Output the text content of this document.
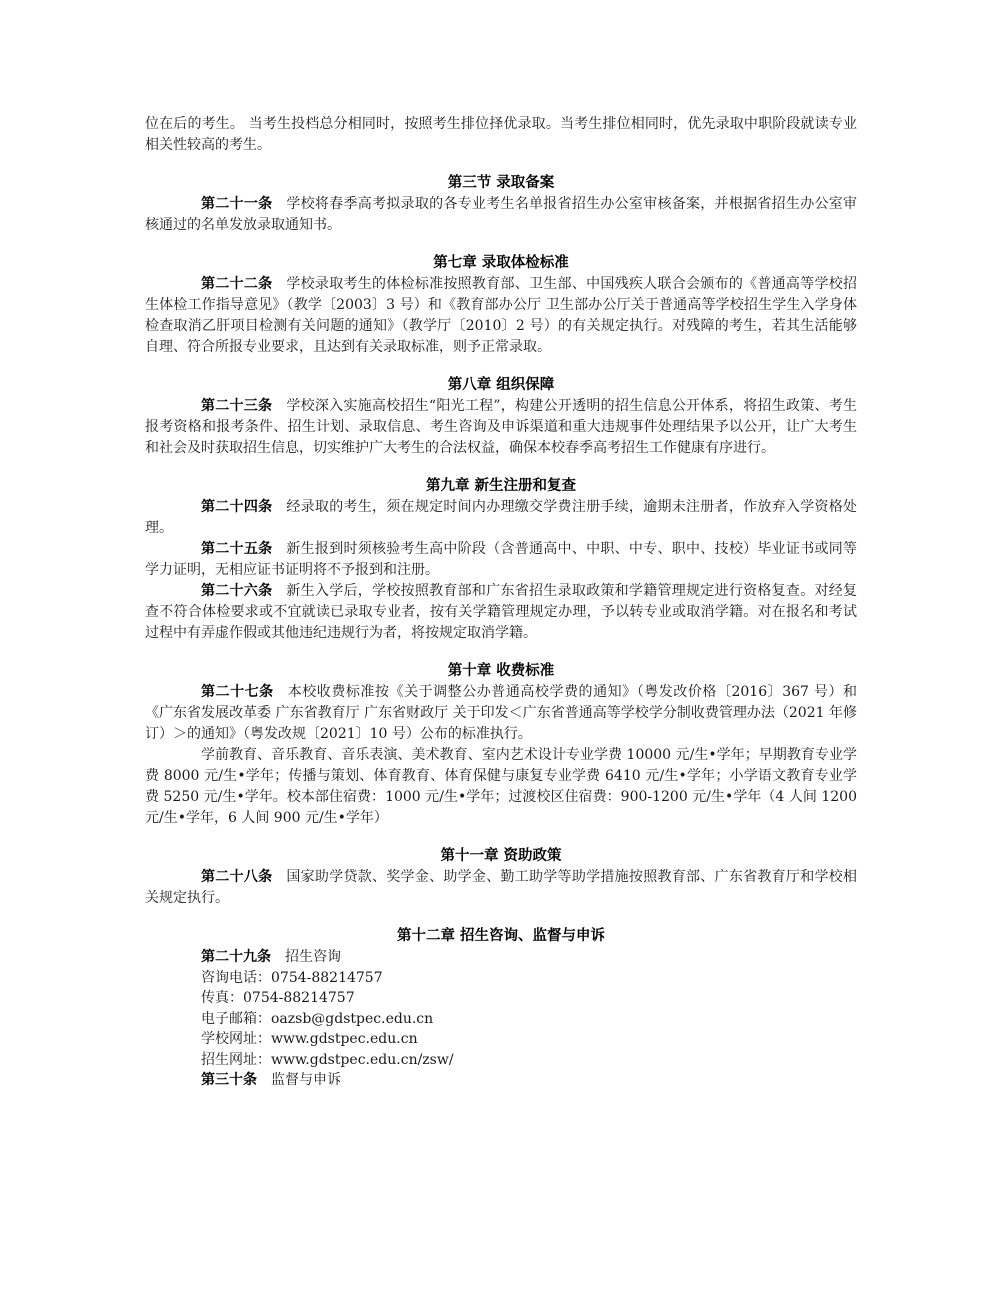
位在后的考生。 当考生投档总分相同时，按照考生排位择优录取。当考生排位相同时，优先录取中职阶段就读专业相关性较高的考生。

第三节 录取备案

第二十一条 学校将春季高考拟录取的各专业考生名单报省招生办公室审核备案，并根据省招生办公室审核通过的名单发放录取通知书。

第七章 录取体检标准

第二十二条 学校录取考生的体检标准按照教育部、卫生部、中国残疾人联合会颁布的《普通高等学校招生体检工作指导意见》（教学〔2003〕3 号）和《教育部办公厅 卫生部办公厅关于普通高等学校招生学生入学身体检查取消乙肝项目检测有关问题的通知》（教学厅〔2010〕2 号）的有关规定执行。对残障的考生，若其生活能够自理、符合所报专业要求，且达到有关录取标准，则予正常录取。

第八章 组织保障

第二十三条 学校深入实施高校招生“阳光工程”，构建公开透明的招生信息公开体系，将招生政策、考生报考资格和报考条件、招生计划、录取信息、考生咨询及申诉渠道和重大违规事件处理结果予以公开，让广大考生和社会及时获取招生信息，切实维护广大考生的合法权益，确保本校春季高考招生工作健康有序进行。

第九章 新生注册和复查

第二十四条 经录取的考生，须在规定时间内办理缴交学费注册手续，逾期未注册者，作放弃入学资格处理。

第二十五条 新生报到时须核验考生高中阶段（含普通高中、中职、中专、职中、技校）毕业证书或同等学力证明，无相应证书证明将不予报到和注册。

第二十六条 新生入学后，学校按照教育部和广东省招生录取政策和学籍管理规定进行资格复查。对经复查不符合体检要求或不宜就读已录取专业者，按有关学籍管理规定办理，予以转专业或取消学籍。对在报名和考试过程中有弄虚作假或其他违纪违规行为者，将按规定取消学籍。

第十章 收费标准

第二十七条 本校收费标准按《关于调整公办普通高校学费的通知》（粤发改价格〔2016〕367 号）和《广东省发展改革委 广东省教育厅 广东省财政厅 关于印发＜广东省普通高等学校学分制收费管理办法（2021 年修订）＞的通知》（粤发改规〔2021〕10 号）公布的标准执行。

学前教育、音乐教育、音乐表演、美术教育、室内艺术设计专业学费 10000 元/生•学年；早期教育专业学费 8000 元/生•学年；传播与策划、体育教育、体育保健与康复专业学费 6410 元/生•学年；小学语文教育专业学费 5250 元/生•学年。校本部住宿费：1000 元/生•学年；过渡校区住宿费：900-1200 元/生•学年（4 人间 1200 元/生•学年，6 人间 900 元/生•学年）

第十一章 资助政策

第二十八条 国家助学贷款、奖学金、助学金、勤工助学等助学措施按照教育部、广东省教育厅和学校相关规定执行。

第十二章 招生咨询、监督与申诉

第二十九条 招生咨询

咨询电话：0754-88214757

传真：0754-88214757

电子邮箱：oazsb@gdstpec.edu.cn

学校网址：www.gdstpec.edu.cn

招生网址：www.gdstpec.edu.cn/zsw/

第三十条 监督与申诉
